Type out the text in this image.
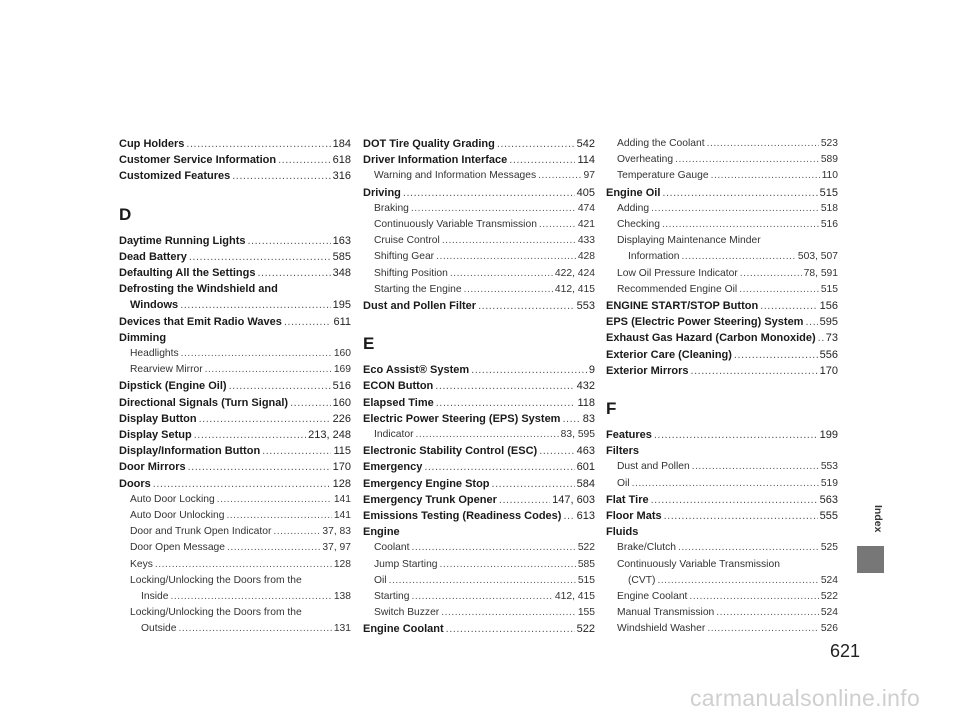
Cup Holders .....	184
Customer Service Information .....	618
Customized Features .....	316
D
Daytime Running Lights .....	163
Dead Battery .....	585
Defaulting All the Settings .....	348
Defrosting the Windshield and
Windows .....	195
Devices that Emit Radio Waves .....	611
Dimming
Headlights .....	160
Rearview Mirror .....	169
Dipstick (Engine Oil) .....	516
Directional Signals (Turn Signal) .....	160
Display Button .....	226
Display Setup .....	213, 248
Display/Information Button .....	115
Door Mirrors .....	170
Doors .....	128
Auto Door Locking .....	141
Auto Door Unlocking .....	141
Door and Trunk Open Indicator .....	37, 83
Door Open Message .....	37, 97
Keys .....	128
Locking/Unlocking the Doors from the
Inside .....	138
Locking/Unlocking the Doors from the
Outside .....	131
DOT Tire Quality Grading .....	542
Driver Information Interface .....	114
Warning and Information Messages .....	97
Driving .....	405
Braking .....	474
Continuously Variable Transmission .....	421
Cruise Control .....	433
Shifting Gear .....	428
Shifting Position .....	422, 424
Starting the Engine .....	412, 415
Dust and Pollen Filter .....	553
E
Eco Assist® System .....	9
ECON Button .....	432
Elapsed Time .....	118
Electric Power Steering (EPS) System ..... 83
Indicator .....	83, 595
Electronic Stability Control (ESC) .....	463
Emergency .....	601
Emergency Engine Stop .....	584
Emergency Trunk Opener .....	147, 603
Emissions Testing (Readiness Codes) ..... 613
Engine
Coolant .....	522
Jump Starting .....	585
Oil .....	515
Starting .....	412, 415
Switch Buzzer .....	155
Engine Coolant .....	522
Adding the Coolant .....	523
Overheating .....	589
Temperature Gauge .....	110
Engine Oil .....	515
Adding .....	518
Checking .....	516
Displaying Maintenance Minder
Information .....	503, 507
Low Oil Pressure Indicator .....	78, 591
Recommended Engine Oil .....	515
ENGINE START/STOP Button .....	156
EPS (Electric Power Steering) System ..... 595
Exhaust Gas Hazard (Carbon Monoxide) ..... 73
Exterior Care (Cleaning) .....	556
Exterior Mirrors .....	170
F
Features .....	199
Filters
Dust and Pollen .....	553
Oil .....	519
Flat Tire .....	563
Floor Mats .....	555
Fluids
Brake/Clutch .....	525
Continuously Variable Transmission
(CVT) .....	524
Engine Coolant .....	522
Manual Transmission .....	524
Windshield Washer .....	526
Index
621
carmanualsonline.info
